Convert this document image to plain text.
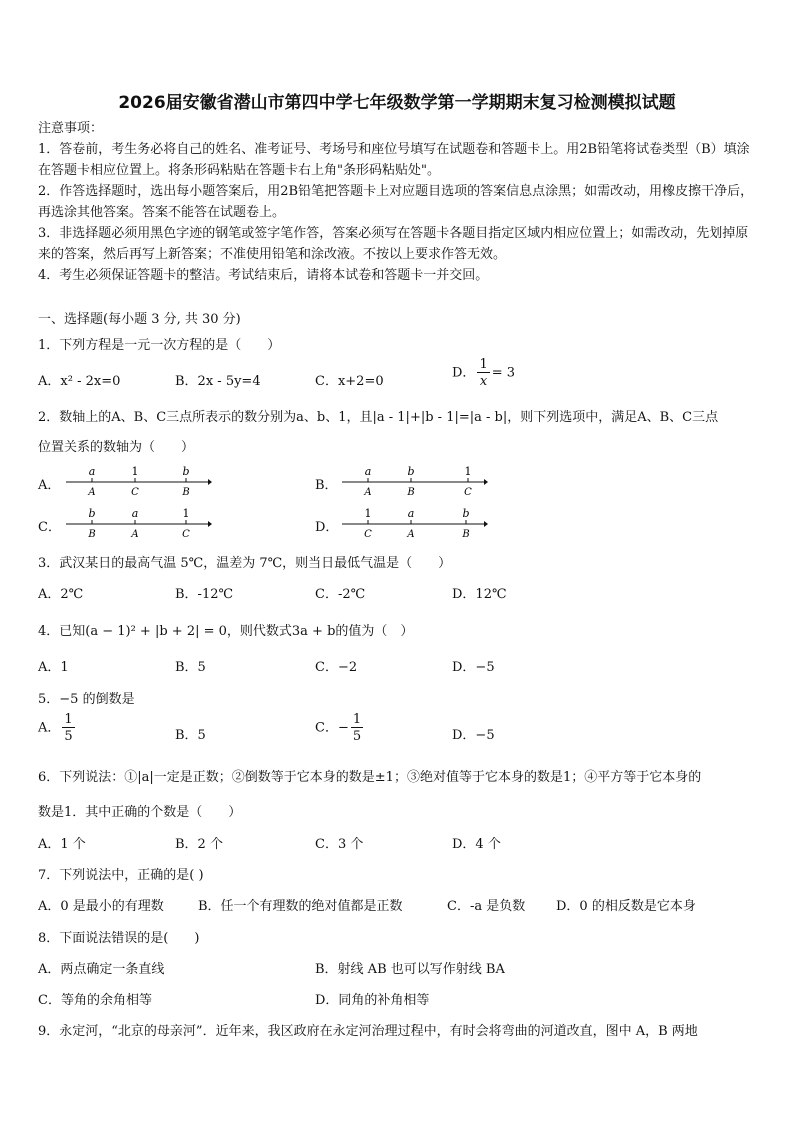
2026届安徽省潜山市第四中学七年级数学第一学期期末复习检测模拟试题
注意事项：
1．答卷前，考生务必将自己的姓名、准考证号、考场号和座位号填写在试题卷和答题卡上。用2B铅笔将试卷类型（B）填涂在答题卡相应位置上。将条形码粘贴在答题卡右上角"条形码粘贴处"。
2．作答选择题时，选出每小题答案后，用2B铅笔把答题卡上对应题目选项的答案信息点涂黑；如需改动，用橡皮擦干净后，再选涂其他答案。答案不能答在试题卷上。
3．非选择题必须用黑色字迹的钢笔或签字笔作答，答案必须写在答题卡各题目指定区域内相应位置上；如需改动，先划掉原来的答案，然后再写上新答案；不准使用铅笔和涂改液。不按以上要求作答无效。
4．考生必须保证答题卡的整洁。考试结束后，请将本试卷和答题卡一并交回。
一、选择题(每小题 3 分, 共 30 分)
1．下列方程是一元一次方程的是（　　）
A．x² - 2x=0	B．2x - 5y=4	C．x+2=0
D． $\frac{1}{x} = 3$
2．数轴上的A、B、C三点所表示的数分别为a、b、1，且|a - 1|+|b - 1|=|a - b|，则下列选项中，满足A、B、C三点
位置关系的数轴为（　　）
A．
a	1	b
A	C	B	B．
a	b	1
A	B	C
C．
b	a	1
B	A	C	D．
1	a	b
C	A	B
3．武汉某日的最高气温 5℃，温差为 7℃，则当日最低气温是（　　）
A．2℃	B．-12℃	C．-2℃	D．12℃
4．已知(a − 1)² + |b + 2| = 0，则代数式3a + b的值为（　）
A．1	B．5	C．−2	D．−5
5．−5 的倒数是
A． $\frac{1}{5}$	B．5	C．− $\frac{1}{5}$	D．−5
6．下列说法：①|a|一定是正数；②倒数等于它本身的数是±1；③绝对值等于它本身的数是1；④平方等于它本身的
数是1．其中正确的个数是（　　）
A．1 个	B．2 个	C．3 个	D．4 个
7．下列说法中，正确的是( )
A．0 是最小的有理数	B．任一个有理数的绝对值都是正数	C．-a 是负数 D．0 的相反数是它本身
8．下面说法错误的是(　　)
A．两点确定一条直线	B．射线 AB 也可以写作射线 BA
C．等角的余角相等	D．同角的补角相等
9．永定河，“北京的母亲河”．近年来，我区政府在永定河治理过程中，有时会将弯曲的河道改直，图中 A，B 两地
